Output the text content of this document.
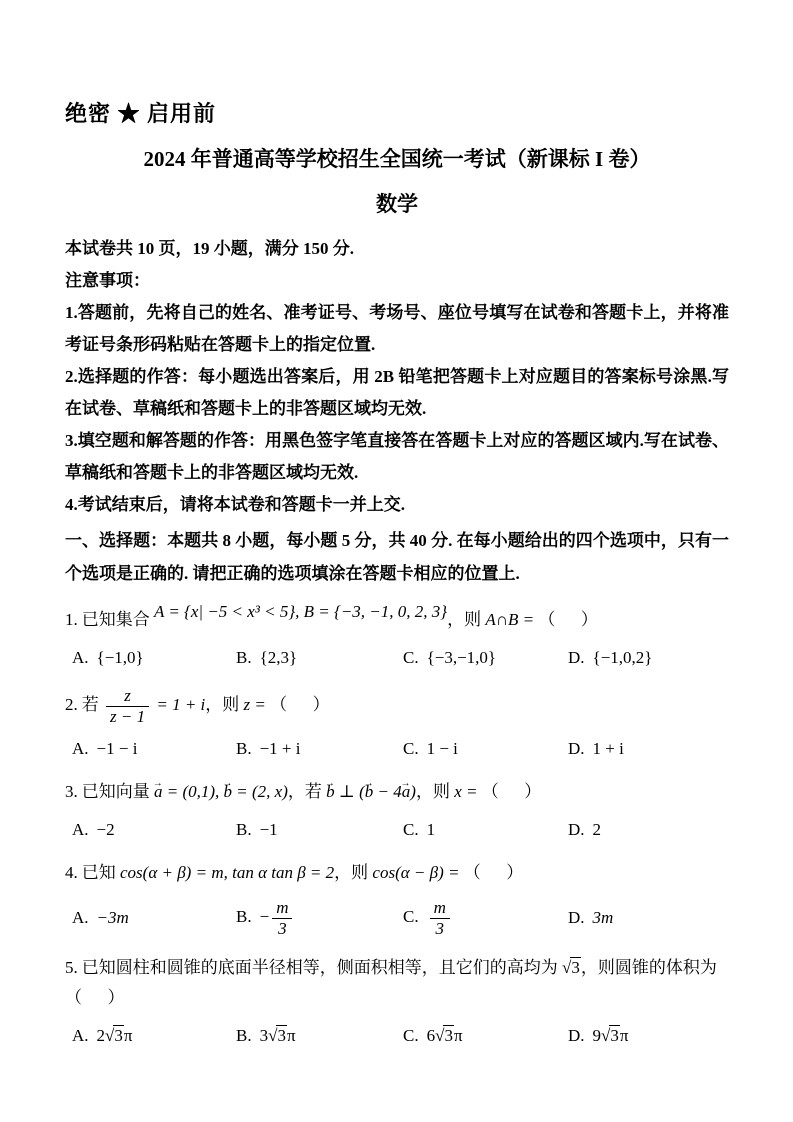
绝密 ★ 启用前
2024 年普通高等学校招生全国统一考试（新课标 I 卷）
数学
本试卷共 10 页，19 小题，满分 150 分.
注意事项：
1.答题前，先将自己的姓名、准考证号、考场号、座位号填写在试卷和答题卡上，并将准考证号条形码粘贴在答题卡上的指定位置.
2.选择题的作答：每小题选出答案后，用 2B 铅笔把答题卡上对应题目的答案标号涂黑.写在试卷、草稿纸和答题卡上的非答题区域均无效.
3.填空题和解答题的作答：用黑色签字笔直接答在答题卡上对应的答题区域内.写在试卷、草稿纸和答题卡上的非答题区域均无效.
4.考试结束后，请将本试卷和答题卡一并上交.
一、选择题：本题共 8 小题，每小题 5 分，共 40 分. 在每小题给出的四个选项中，只有一个选项是正确的. 请把正确的选项填涂在答题卡相应的位置上.
1. 已知集合 A = {x| −5 < x³ < 5}, B = {−3, −1, 0, 2, 3}，则 A∩B = （      ）
A. {−1,0}	B. {2,3}	C. {−3,−1,0}	D. {−1,0,2}
2. 若 $\frac{z}{z - 1} = 1 + i$，则 z = （      ）
A. −1 − i	B. −1 + i	C. 1 − i	D. 1 + i
3. 已知向量 a → = (0,1), b → = (2, x)，若 b → ⊥ (b → − 4a →)，则 x = （      ）
A. −2	B. −1	C. 1	D. 2
4. 已知 cos(α + β) = m, tan α tan β = 2，则 cos(α − β) = （      ）
A. −3m	B. − $\frac{m}{3}$	C. $\frac{m}{3}$	D. 3m
5. 已知圆柱和圆锥的底面半径相等，侧面积相等，且它们的高均为 √3，则圆锥的体积为（      ）
A. 2√3π	B. 3√3π	C. 6√3π	D. 9√3π
